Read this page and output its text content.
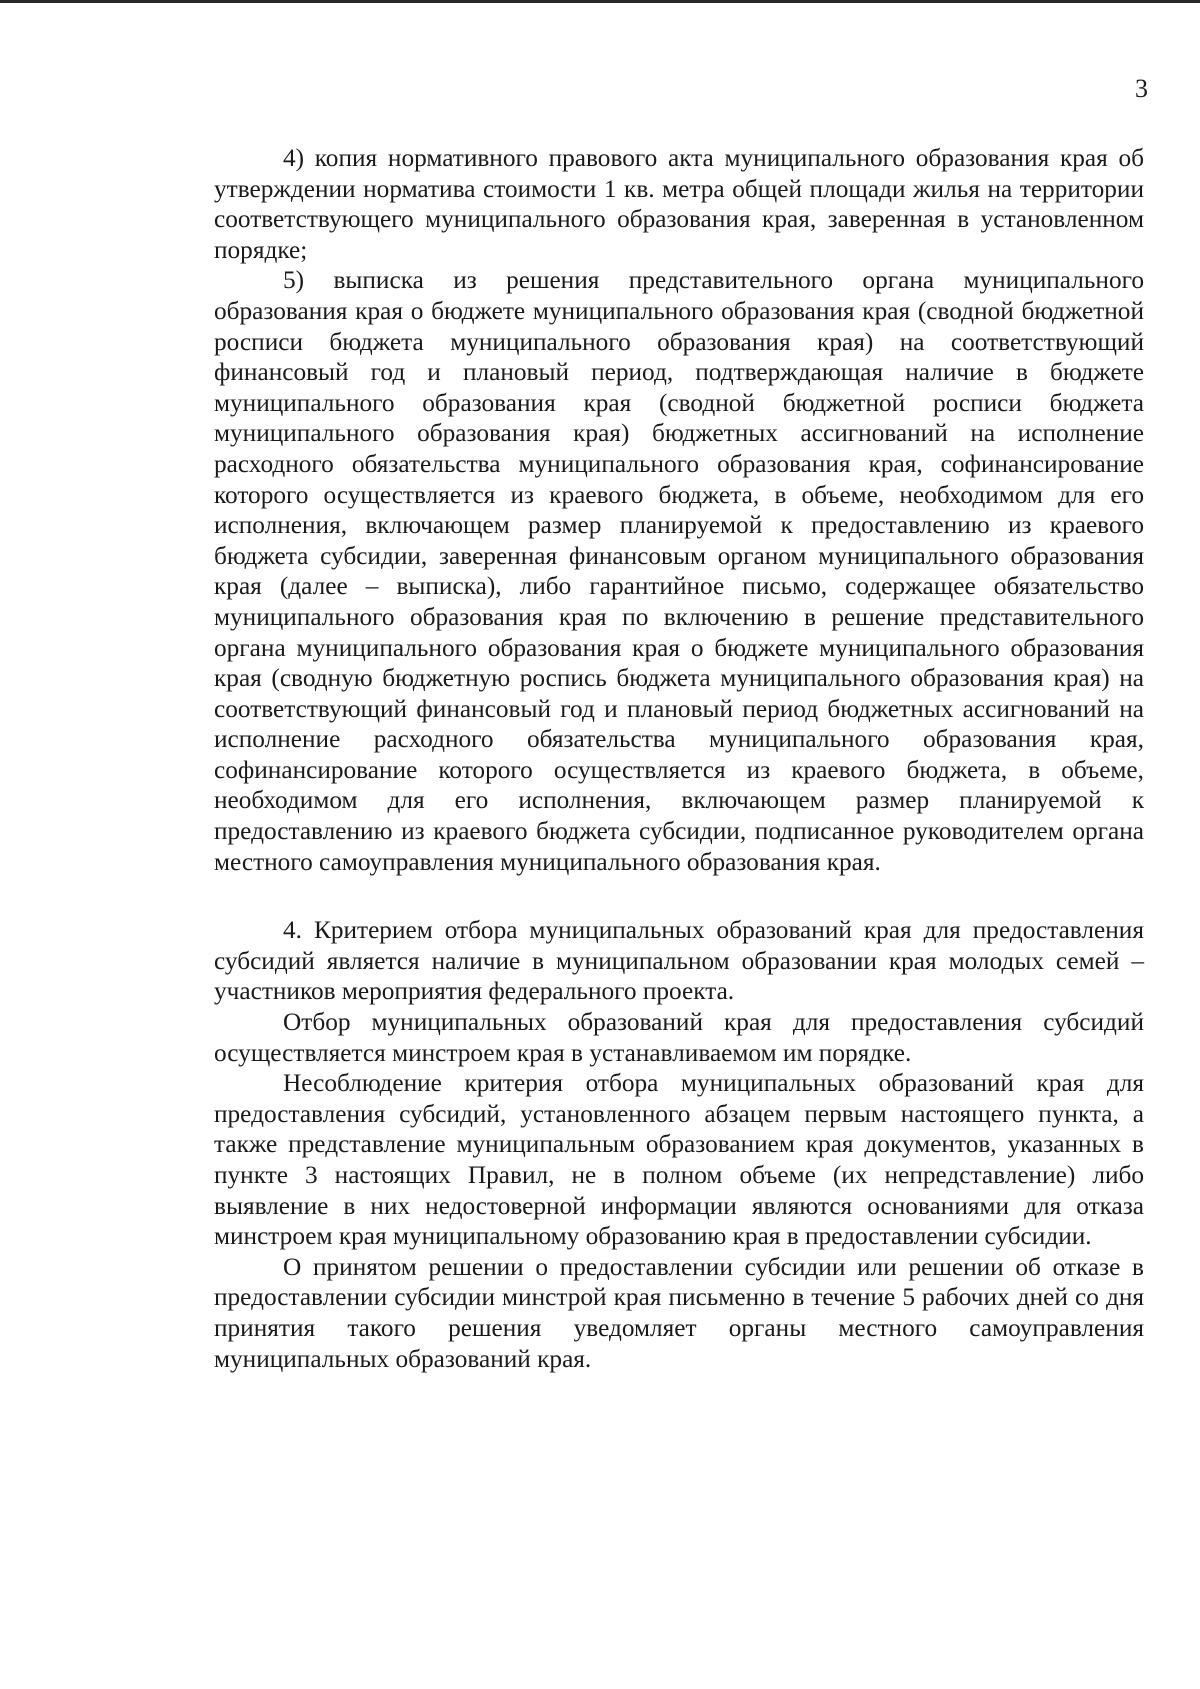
3

4) копия нормативного правового акта муниципального образования края об утверждении норматива стоимости 1 кв. метра общей площади жилья на территории соответствующего муниципального образования края, заверенная в установленном порядке;

5) выписка из решения представительного органа муниципального образования края о бюджете муниципального образования края (сводной бюджетной росписи бюджета муниципального образования края) на соответствующий финансовый год и плановый период, подтверждающая наличие в бюджете муниципального образования края (сводной бюджетной росписи бюджета муниципального образования края) бюджетных ассигнований на исполнение расходного обязательства муниципального образования края, софинансирование которого осуществляется из краевого бюджета, в объеме, необходимом для его исполнения, включающем размер планируемой к предоставлению из краевого бюджета субсидии, заверенная финансовым органом муниципального образования края (далее – выписка), либо гарантийное письмо, содержащее обязательство муниципального образования края по включению в решение представительного органа муниципального образования края о бюджете муниципального образования края (сводную бюджетную роспись бюджета муниципального образования края) на соответствующий финансовый год и плановый период бюджетных ассигнований на исполнение расходного обязательства муниципального образования края, софинансирование которого осуществляется из краевого бюджета, в объеме, необходимом для его исполнения, включающем размер планируемой к предоставлению из краевого бюджета субсидии, подписанное руководителем органа местного самоуправления муниципального образования края.

4. Критерием отбора муниципальных образований края для предоставления субсидий является наличие в муниципальном образовании края молодых семей – участников мероприятия федерального проекта.

Отбор муниципальных образований края для предоставления субсидий осуществляется минстроем края в устанавливаемом им порядке.

Несоблюдение критерия отбора муниципальных образований края для предоставления субсидий, установленного абзацем первым настоящего пункта, а также представление муниципальным образованием края документов, указанных в пункте 3 настоящих Правил, не в полном объеме (их непредставление) либо выявление в них недостоверной информации являются основаниями для отказа минстроем края муниципальному образованию края в предоставлении субсидии.

О принятом решении о предоставлении субсидии или решении об отказе в предоставлении субсидии минстрой края письменно в течение 5 рабочих дней со дня принятия такого решения уведомляет органы местного самоуправления муниципальных образований края.
